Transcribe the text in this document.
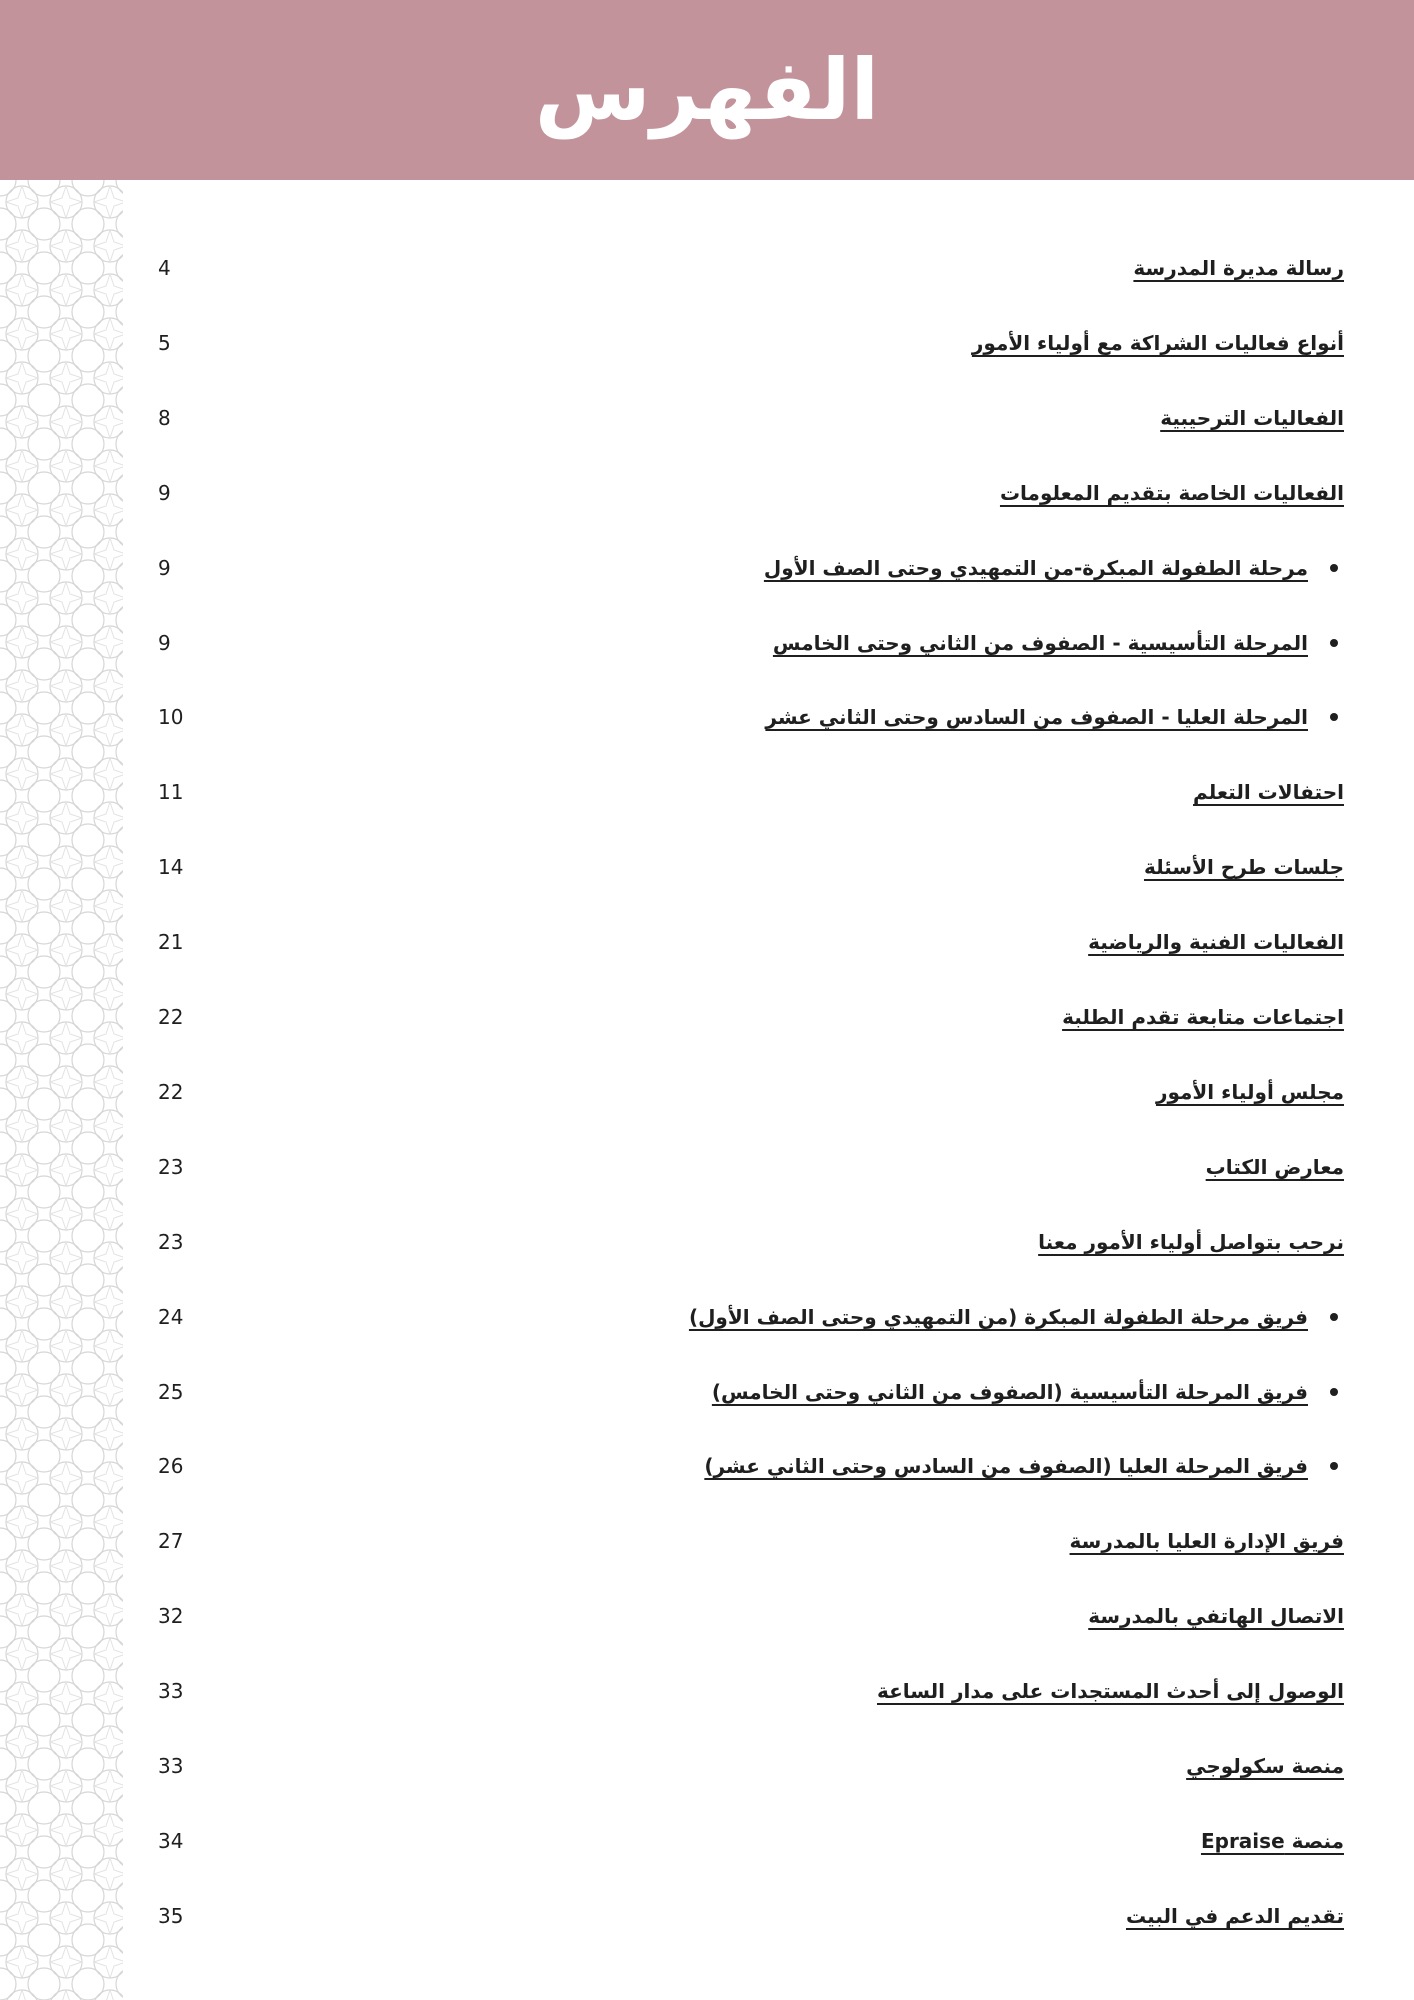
الفهرس
4	رسالة مديرة المدرسة
5	أنواع فعاليات الشراكة مع أولياء الأمور
8	الفعاليات الترحيبية
9	الفعاليات الخاصة بتقديم المعلومات
9	مرحلة الطفولة المبكرة-من التمهيدي وحتى الصف الأول
9	المرحلة التأسيسية - الصفوف من الثاني وحتى الخامس
10	المرحلة العليا - الصفوف من السادس وحتى الثاني عشر
11	احتفالات التعلم
14	جلسات طرح الأسئلة
21	الفعاليات الفنية والرياضية
22	اجتماعات متابعة تقدم الطلبة
22	مجلس أولياء الأمور
23	معارض الكتاب
23	نرحب بتواصل أولياء الأمور معنا
24	فريق مرحلة الطفولة المبكرة (من التمهيدي وحتى الصف الأول)
25	فريق المرحلة التأسيسية (الصفوف من الثاني وحتى الخامس)
26	فريق المرحلة العليا (الصفوف من السادس وحتى الثاني عشر)
27	فريق الإدارة العليا بالمدرسة
32	الاتصال الهاتفي بالمدرسة
33	الوصول إلى أحدث المستجدات على مدار الساعة
33	منصة سكولوجي
34	منصة Epraise
35	تقديم الدعم في البيت
